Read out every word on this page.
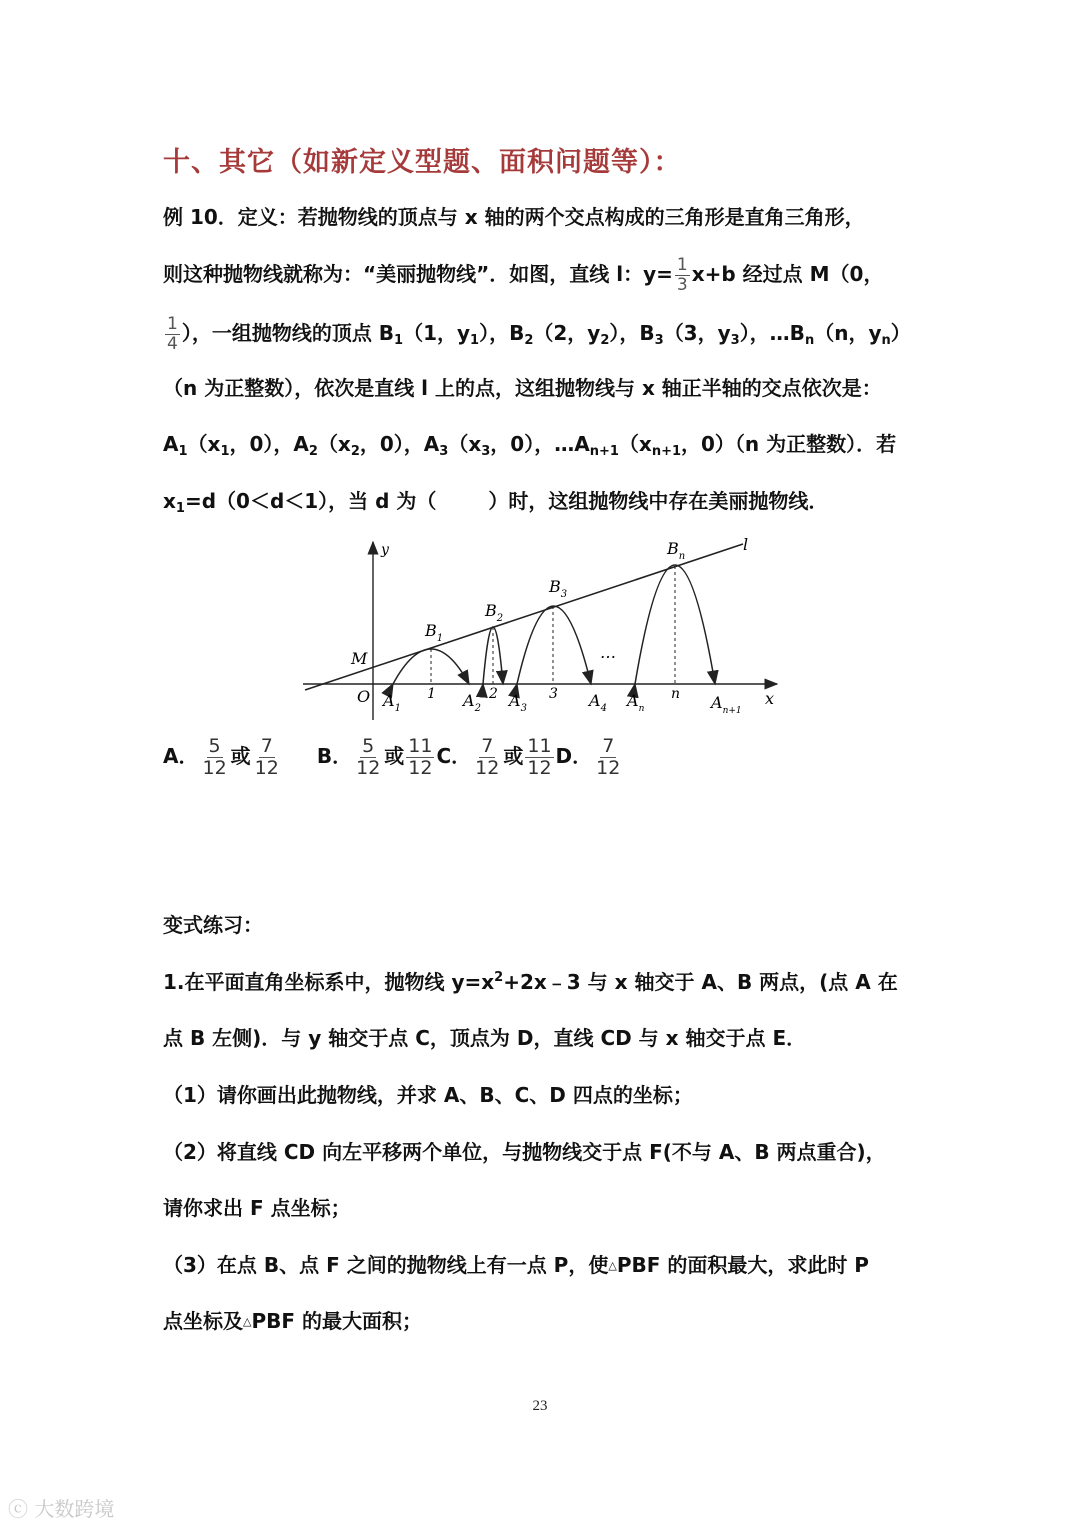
十、其它（如新定义型题、面积问题等）：
例 10．定义：若抛物线的顶点与 x 轴的两个交点构成的三角形是直角三角形，
则这种抛物线就称为：“美丽抛物线”．如图，直线 l：$y= \frac{1}{3} x+b$ 经过点 M（0，
$\frac{1}{4}$ ），一组抛物线的顶点 $B_1(1$，$y_1$），$B_2(2$，$y_2$），$B_3(3$，$y_3$），$\dots B_n(n$，$y_n$）
（n 为正整数），依次是直线 l 上的点，这组抛物线与 x 轴正半轴的交点依次是：
$A_1(x_1$，0），$A_2(x_2$，0），$A_3(x_3$，0），$\dots A_{n+1}(x_{n+1}$，0）（n 为正整数）．若
$x_1=d(0<d<1)$，当 d 为（	）时，这组抛物线中存在美丽抛物线．
y
x
l
M
O
$B_1$
$B_2$
$B_3$
$B_n$
…
1	2	3	n
$A_1$	$A_2$ $A_3$	$A_4$ $A_n$	$A_{n+1}$
A． $\frac{5}{12}$ 或 $\frac{7}{12}$ B． $\frac{5}{12}$ 或 $\frac{11}{12}$ C． $\frac{7}{12}$ 或 $\frac{11}{12}$ D． $\frac{7}{12}$
变式练习：
1.在平面直角坐标系中，抛物线 $y=x^2+2x﹣3$ 与 x 轴交于 A、B 两点，(点 A 在
点 B 左侧)．与 y 轴交于点 C，顶点为 D，直线 CD 与 x 轴交于点 E．
（1）请你画出此抛物线，并求 A、B、C、D 四点的坐标；
（2）将直线 CD 向左平移两个单位，与抛物线交于点 F(不与 A、B 两点重合)，
请你求出 F 点坐标；
（3）在点 B、点 F 之间的抛物线上有一点 P，使△PBF 的面积最大，求此时 P
点坐标及△PBF 的最大面积；
23
ⓒ 大数跨境
